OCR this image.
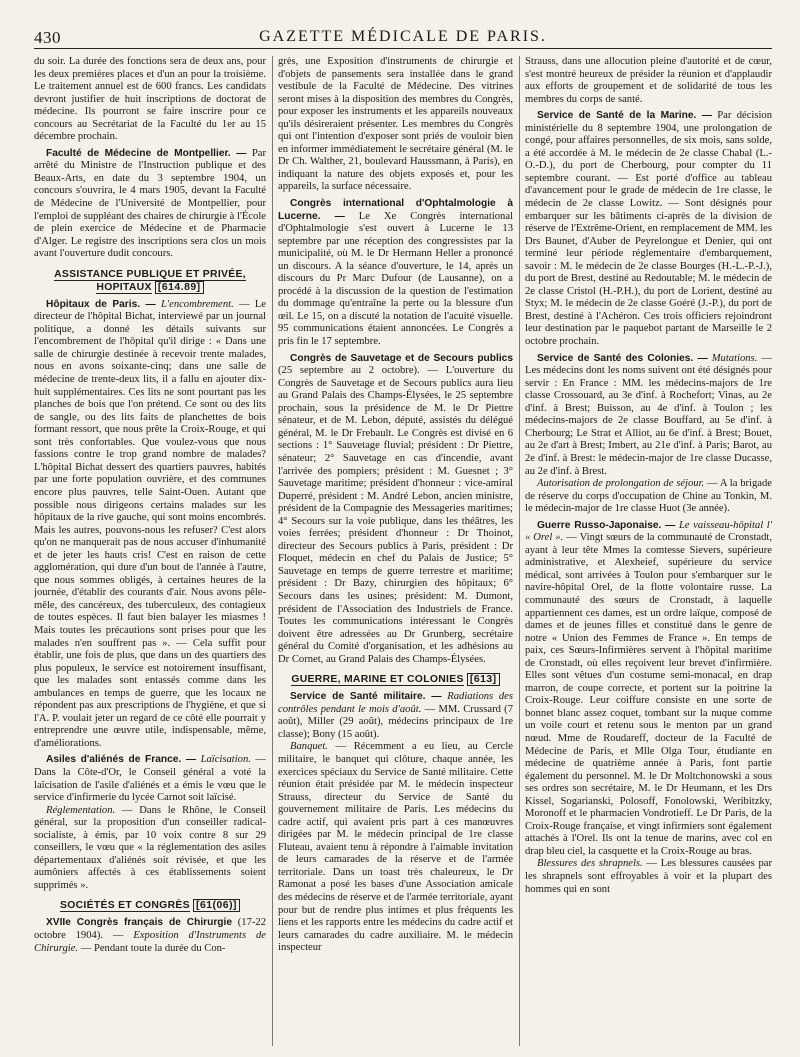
430	GAZETTE MÉDICALE DE PARIS.

du soir. La durée des fonctions sera de deux ans, pour les deux premières places et d'un an pour la troisième. Le traitement annuel est de 600 francs. Les candidats devront justifier de huit inscriptions de doctorat de médecine. Ils pourront se faire inscrire pour ce concours au Secrétariat de la Faculté du 1er au 15 décembre prochain.

Faculté de Médecine de Montpellier. — Par arrêté du Ministre de l'Instruction publique et des Beaux-Arts, en date du 3 septembre 1904, un concours s'ouvrira, le 4 mars 1905, devant la Faculté de Médecine de l'Université de Montpellier, pour l'emploi de suppléant des chaires de chirurgie à l'École de plein exercice de Médecine et de Pharmacie d'Alger. Le registre des inscriptions sera clos un mois avant l'ouverture dudit concours.

ASSISTANCE PUBLIQUE ET PRIVÉE,
HOPITAUX [614.89]

Hôpitaux de Paris. — L'encombrement. — Le directeur de l'hôpital Bichat, interviewé par un journal politique, a donné les détails suivants sur l'encombrement de l'hôpital qu'il dirige : « Dans une salle de chirurgie destinée à recevoir trente malades, nous en avons soixante-cinq; dans une salle de médecine de trente-deux lits, il a fallu en ajouter dix-huit supplémentaires. Ces lits ne sont pourtant pas les planches de bois que l'on prétend. Ce sont ou des lits de sangle, ou des lits faits de planchettes de bois formant ressort, que nous prête la Croix-Rouge, et qui sont très confortables. Que voulez-vous que nous fassions contre le trop grand nombre de malades? L'hôpital Bichat dessert des quartiers pauvres, habités par une forte population ouvrière, et des communes encore plus pauvres, telle Saint-Ouen. Autant que possible nous dirigeons certains malades sur les hôpitaux de la rive gauche, qui sont moins encombrés. Mais les autres, pouvons-nous les refuser? C'est alors qu'on ne manquerait pas de nous accuser d'inhumanité et de jeter les hauts cris! C'est en raison de cette agglomération, qui dure d'un bout de l'année à l'autre, que nous sommes obligés, à certaines heures de la journée, d'établir des courants d'air. Nous avons pêle-mêle, des cancéreux, des tuberculeux, des contagieux de toutes espèces. Il faut bien balayer les miasmes ! Mais toutes les précautions sont prises pour que les malades n'en souffrent pas ». — Cela suffit pour établir, une fois de plus, que dans un des quartiers des plus populeux, le service est notoirement insuffisant, que les malades sont entassés comme dans les ambulances en temps de guerre, que les locaux ne répondent pas aux prescriptions de l'hygiène, et que si l'A. P. voulait jeter un regard de ce côté elle pourrait y entreprendre une œuvre utile, indispensable, même, d'améliorations.

Asiles d'aliénés de France. — Laïcisation. — Dans la Côte-d'Or, le Conseil général a voté la laïcisation de l'asile d'aliénés et a émis le vœu que le service d'infirmerie du lycée Carnot soit laïcisé.

Réglementation. — Dans le Rhône, le Conseil général, sur la proposition d'un conseiller radical-socialiste, à émis, par 10 voix contre 8 sur 29 conseillers, le vœu que « la réglementation des asiles départementaux d'aliénés soit révisée, et que les aumôniers affectés à ces établissements soient supprimés ».

SOCIÉTÉS ET CONGRÈS [61(06)]

XVIIe Congrès français de Chirurgie (17-22 octobre 1904). — Exposition d'Instruments de Chirurgie. — Pendant toute la durée du Con-

grès, une Exposition d'instruments de chirurgie et d'objets de pansements sera installée dans le grand vestibule de la Faculté de Médecine. Des vitrines seront mises à la disposition des membres du Congrès, pour exposer les instruments et les appareils nouveaux qu'ils désireraient présenter. Les membres du Congrès qui ont l'intention d'exposer sont priés de vouloir bien en informer immédiatement le secrétaire général (M. le Dr Ch. Walther, 21, boulevard Haussmann, à Paris), en indiquant la nature des objets exposés et, pour les appareils, la surface nécessaire.

Congrès international d'Ophtalmologie à Lucerne. — Le Xe Congrès international d'Ophtalmologie s'est ouvert à Lucerne le 13 septembre par une réception des congressistes par la municipalité, où M. le Dr Hermann Heller a prononcé un discours. A la séance d'ouverture, le 14, après un discours du Pr Marc Dufour (de Lausanne), on a procédé à la discussion de la question de l'estimation du dommage qu'entraîne la perte ou la blessure d'un œil. Le 15, on a discuté la notation de l'acuité visuelle. 95 communications étaient annoncées. Le Congrès a pris fin le 17 septembre.

Congrès de Sauvetage et de Secours publics (25 septembre au 2 octobre). — L'ouverture du Congrès de Sauvetage et de Secours publics aura lieu au Grand Palais des Champs-Élysées, le 25 septembre prochain, sous la présidence de M. le Dr Piettre sénateur, et de M. Lebon, député, assistés du délégué général, M. le Dr Frebault. Le Congrès est divisé en 6 sections : 1° Sauvetage fluvial; président : Dr Piettre, sénateur; 2° Sauvetage en cas d'incendie, avant l'arrivée des pompiers; président : M. Guesnet ; 3° Sauvetage maritime; président d'honneur : vice-amiral Duperré, président : M. André Lebon, ancien ministre, président de la Compagnie des Messageries maritimes; 4° Secours sur la voie publique, dans les théâtres, les voies ferrées; président d'honneur : Dr Thoinot, directeur des Secours publics à Paris, président : Dr Floquet, médecin en chef du Palais de Justice; 5° Sauvetage en temps de guerre terrestre et maritime; président : Dr Bazy, chirurgien des hôpitaux; 6° Secours dans les usines; président: M. Dumont, président de l'Association des Industriels de France. Toutes les communications intéressant le Congrès doivent être adressées au Dr Grunberg, secrétaire général du Comité d'organisation, et les adhésions au Dr Cornet, au Grand Palais des Champs-Élysées.

GUERRE, MARINE ET COLONIES [613]

Service de Santé militaire. — Radiations des contrôles pendant le mois d'août. — MM. Crussard (7 août), Miller (29 août), médecins principaux de 1re classe); Bony (15 août).

Banquet. — Récemment a eu lieu, au Cercle militaire, le banquet qui clôture, chaque année, les exercices spéciaux du Service de Santé militaire. Cette réunion était présidée par M. le médecin inspecteur Strauss, directeur du Service de Santé du gouvernement militaire de Paris. Les médecins du cadre actif, qui avaient pris part à ces manœuvres dirigées par M. le médecin principal de 1re classe Fluteau, avaient tenu à répondre à l'aimable invitation de leurs camarades de la réserve et de l'armée territoriale. Dans un toast très chaleureux, le Dr Ramonat a posé les bases d'une Association amicale des médecins de réserve et de l'armée territoriale, ayant pour but de rendre plus intimes et plus fréquents les liens et les rapports entre les médecins du cadre actif et leurs camarades du cadre auxiliaire. M. le médecin inspecteur

Strauss, dans une allocution pleine d'autorité et de cœur, s'est montré heureux de présider la réunion et d'applaudir aux efforts de groupement et de solidarité de tous les membres du corps de santé.

Service de Santé de la Marine. — Par décision ministérielle du 8 septembre 1904, une prolongation de congé, pour affaires personnelles, de six mois, sans solde, a été accordée à M. le médecin de 2e classe Chabal (L.-O.-D.), du port de Cherbourg, pour compter du 11 septembre courant. — Est porté d'office au tableau d'avancement pour le grade de médecin de 1re classe, le médecin de 2e classe Lowitz. — Sont désignés pour embarquer sur les bâtiments ci-après de la division de réserve de l'Extrême-Orient, en remplacement de MM. les Drs Baunet, d'Auber de Peyrelongue et Denier, qui ont terminé leur période réglementaire d'embarquement, savoir : M. le médecin de 2e classe Bourges (H.-L.-P.-J.), du port de Brest, destiné au Redoutable; M. le médecin de 2e classe Cristol (H.-P.H.), du port de Lorient, destiné au Styx; M. le médecin de 2e classe Goéré (J.-P.), du port de Brest, destiné à l'Achéron. Ces trois officiers rejoindront leur destination par le paquebot partant de Marseille le 2 octobre prochain.

Service de Santé des Colonies. — Mutations. — Les médecins dont les noms suivent ont été désignés pour servir : En France : MM. les médecins-majors de 1re classe Crossouard, au 3e d'inf. à Rochefort; Vinas, au 2e d'inf. à Brest; Buisson, au 4e d'inf. à Toulon ; les médecins-majors de 2e classe Bouffard, au 5e d'inf. à Cherbourg; Le Strat et Alliot, au 6e d'inf. à Brest; Bouet, au 2e d'art à Brest; Imbert, au 21e d'inf. à Paris; Barot, au 2e d'inf. à Brest: le médecin-major de 1re classe Ducasse, au 2e d'inf. à Brest.

Autorisation de prolongation de séjour. — A la brigade de réserve du corps d'occupation de Chine au Tonkin, M. le médecin-major de 1re classe Huot (3e année).

Guerre Russo-Japonaise. — Le vaisseau-hôpital l' « Orel ». — Vingt sœurs de la communauté de Cronstadt, ayant à leur tête Mmes la comtesse Sievers, supérieure administrative, et Alexheief, supérieure du service médical, sont arrivées à Toulon pour s'embarquer sur le navire-hôpital Orel, de la flotte volontaire russe. La communauté des sœurs de Cronstadt, à laquelle appartiennent ces dames, est un ordre laïque, composé de dames et de jeunes filles et constitué dans le genre de notre « Union des Femmes de France ». En temps de paix, ces Sœurs-Infirmières servent à l'hôpital maritime de Cronstadt, où elles reçoivent leur brevet d'infirmière. Elles sont vêtues d'un costume semi-monacal, en drap marron, de coupe correcte, et portent sur la poitrine la Croix-Rouge. Leur coiffure consiste en une sorte de bonnet blanc assez coquet, tombant sur la nuque comme un voile court et retenu sous le menton par un grand nœud. Mme de Roudareff, docteur de la Faculté de Médecine de Paris, et Mlle Olga Tour, étudiante en médecine de quatrième année à Paris, font partie également du personnel. M. le Dr Moltchonowski a sous ses ordres son secrétaire, M. le Dr Heumann, et les Drs Kissel, Sogarianski, Polosoff, Fonolowski, Weribitzky, Moronoff et le pharmacien Vondrotieff. Le Dr Paris, de la Croix-Rouge française, et vingt infirmiers sont également attachés à l'Orel. Ils ont la tenue de marins, avec col en drap bleu ciel, la casquette et la Croix-Rouge au bras.

Blessures des shrapnels. — Les blessures causées par les shrapnels sont effroyables à voir et la plupart des hommes qui en sont
